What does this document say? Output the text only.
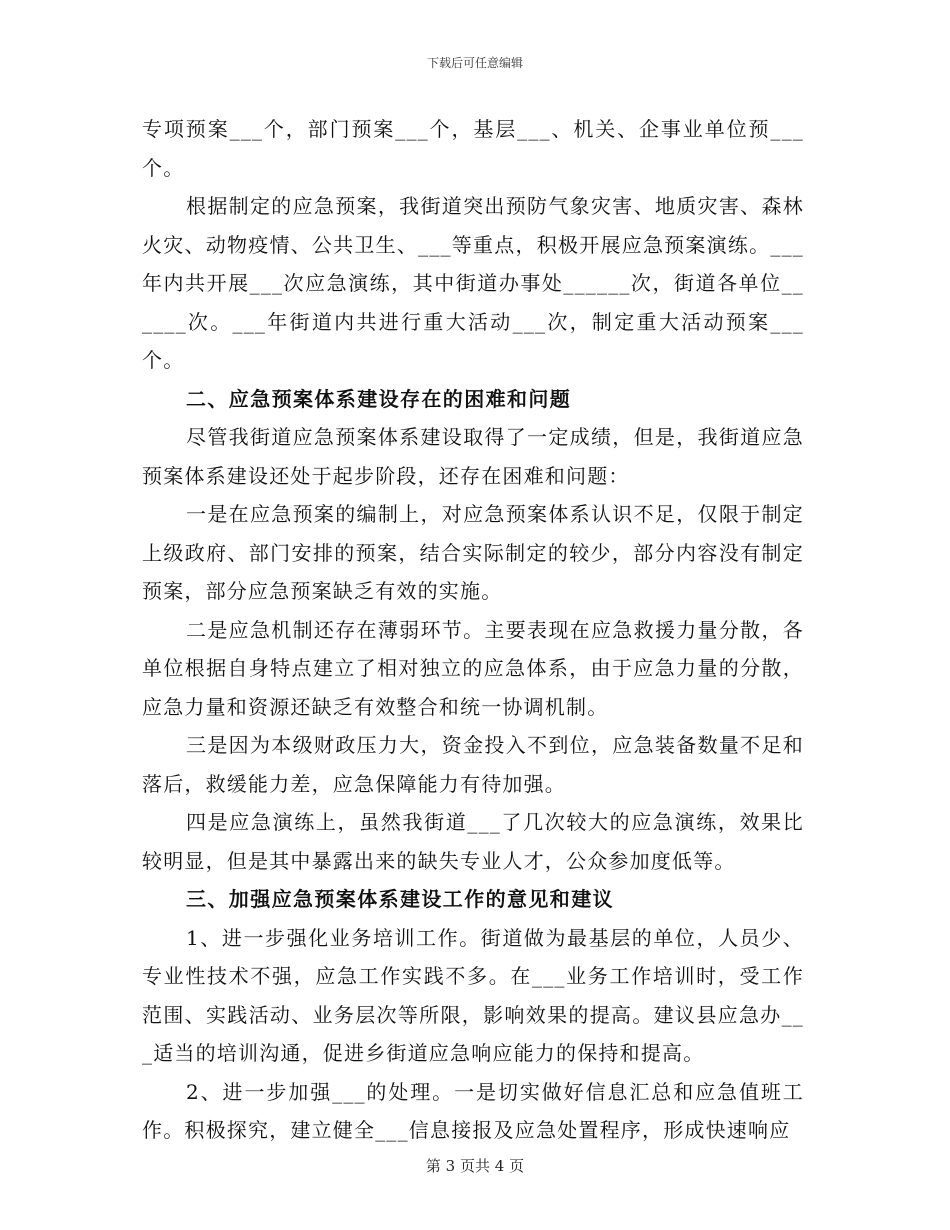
下载后可任意编辑

专项预案___个，部门预案___个，基层___、机关、企事业单位预___个。

根据制定的应急预案，我街道突出预防气象灾害、地质灾害、森林火灾、动物疫情、公共卫生、___等重点，积极开展应急预案演练。___年内共开展___次应急演练，其中街道办事处______次，街道各单位______次。___年街道内共进行重大活动___次，制定重大活动预案___个。

二、应急预案体系建设存在的困难和问题

尽管我街道应急预案体系建设取得了一定成绩，但是，我街道应急预案体系建设还处于起步阶段，还存在困难和问题：

一是在应急预案的编制上，对应急预案体系认识不足，仅限于制定上级政府、部门安排的预案，结合实际制定的较少，部分内容没有制定预案，部分应急预案缺乏有效的实施。

二是应急机制还存在薄弱环节。主要表现在应急救援力量分散，各单位根据自身特点建立了相对独立的应急体系，由于应急力量的分散，应急力量和资源还缺乏有效整合和统一协调机制。

三是因为本级财政压力大，资金投入不到位，应急装备数量不足和落后，救缓能力差，应急保障能力有待加强。

四是应急演练上，虽然我街道___了几次较大的应急演练，效果比较明显，但是其中暴露出来的缺失专业人才，公众参加度低等。

三、加强应急预案体系建设工作的意见和建议

1、进一步强化业务培训工作。街道做为最基层的单位，人员少、专业性技术不强，应急工作实践不多。在___业务工作培训时，受工作范围、实践活动、业务层次等所限，影响效果的提高。建议县应急办___适当的培训沟通，促进乡街道应急响应能力的保持和提高。

2、进一步加强___的处理。一是切实做好信息汇总和应急值班工作。积极探究，建立健全___信息接报及应急处置程序，形成快速响应

第 3 页共 4 页
